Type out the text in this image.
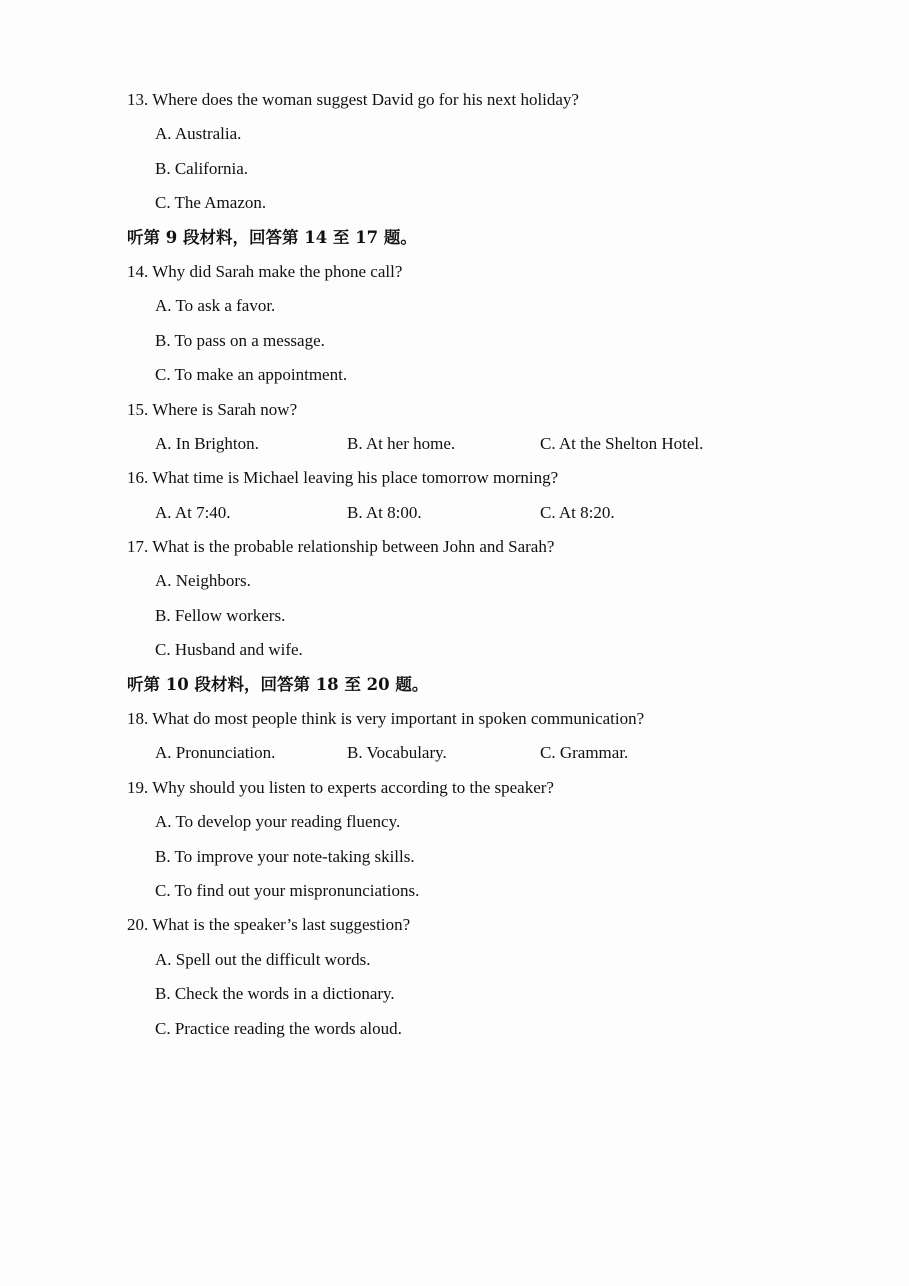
13. Where does the woman suggest David go for his next holiday?
A. Australia.
B. California.
C. The Amazon.
听第 9 段材料，回答第 14 至 17 题。
14. Why did Sarah make the phone call?
A. To ask a favor.
B. To pass on a message.
C. To make an appointment.
15. Where is Sarah now?
A. In Brighton.	B. At her home.	C. At the Shelton Hotel.
16. What time is Michael leaving his place tomorrow morning?
A. At 7:40.	B. At 8:00.	C. At 8:20.
17. What is the probable relationship between John and Sarah?
A. Neighbors.
B. Fellow workers.
C. Husband and wife.
听第 10 段材料，回答第 18 至 20 题。
18. What do most people think is very important in spoken communication?
A. Pronunciation.	B. Vocabulary.	C. Grammar.
19. Why should you listen to experts according to the speaker?
A. To develop your reading fluency.
B. To improve your note-taking skills.
C. To find out your mispronunciations.
20. What is the speaker’s last suggestion?
A. Spell out the difficult words.
B. Check the words in a dictionary.
C. Practice reading the words aloud.
